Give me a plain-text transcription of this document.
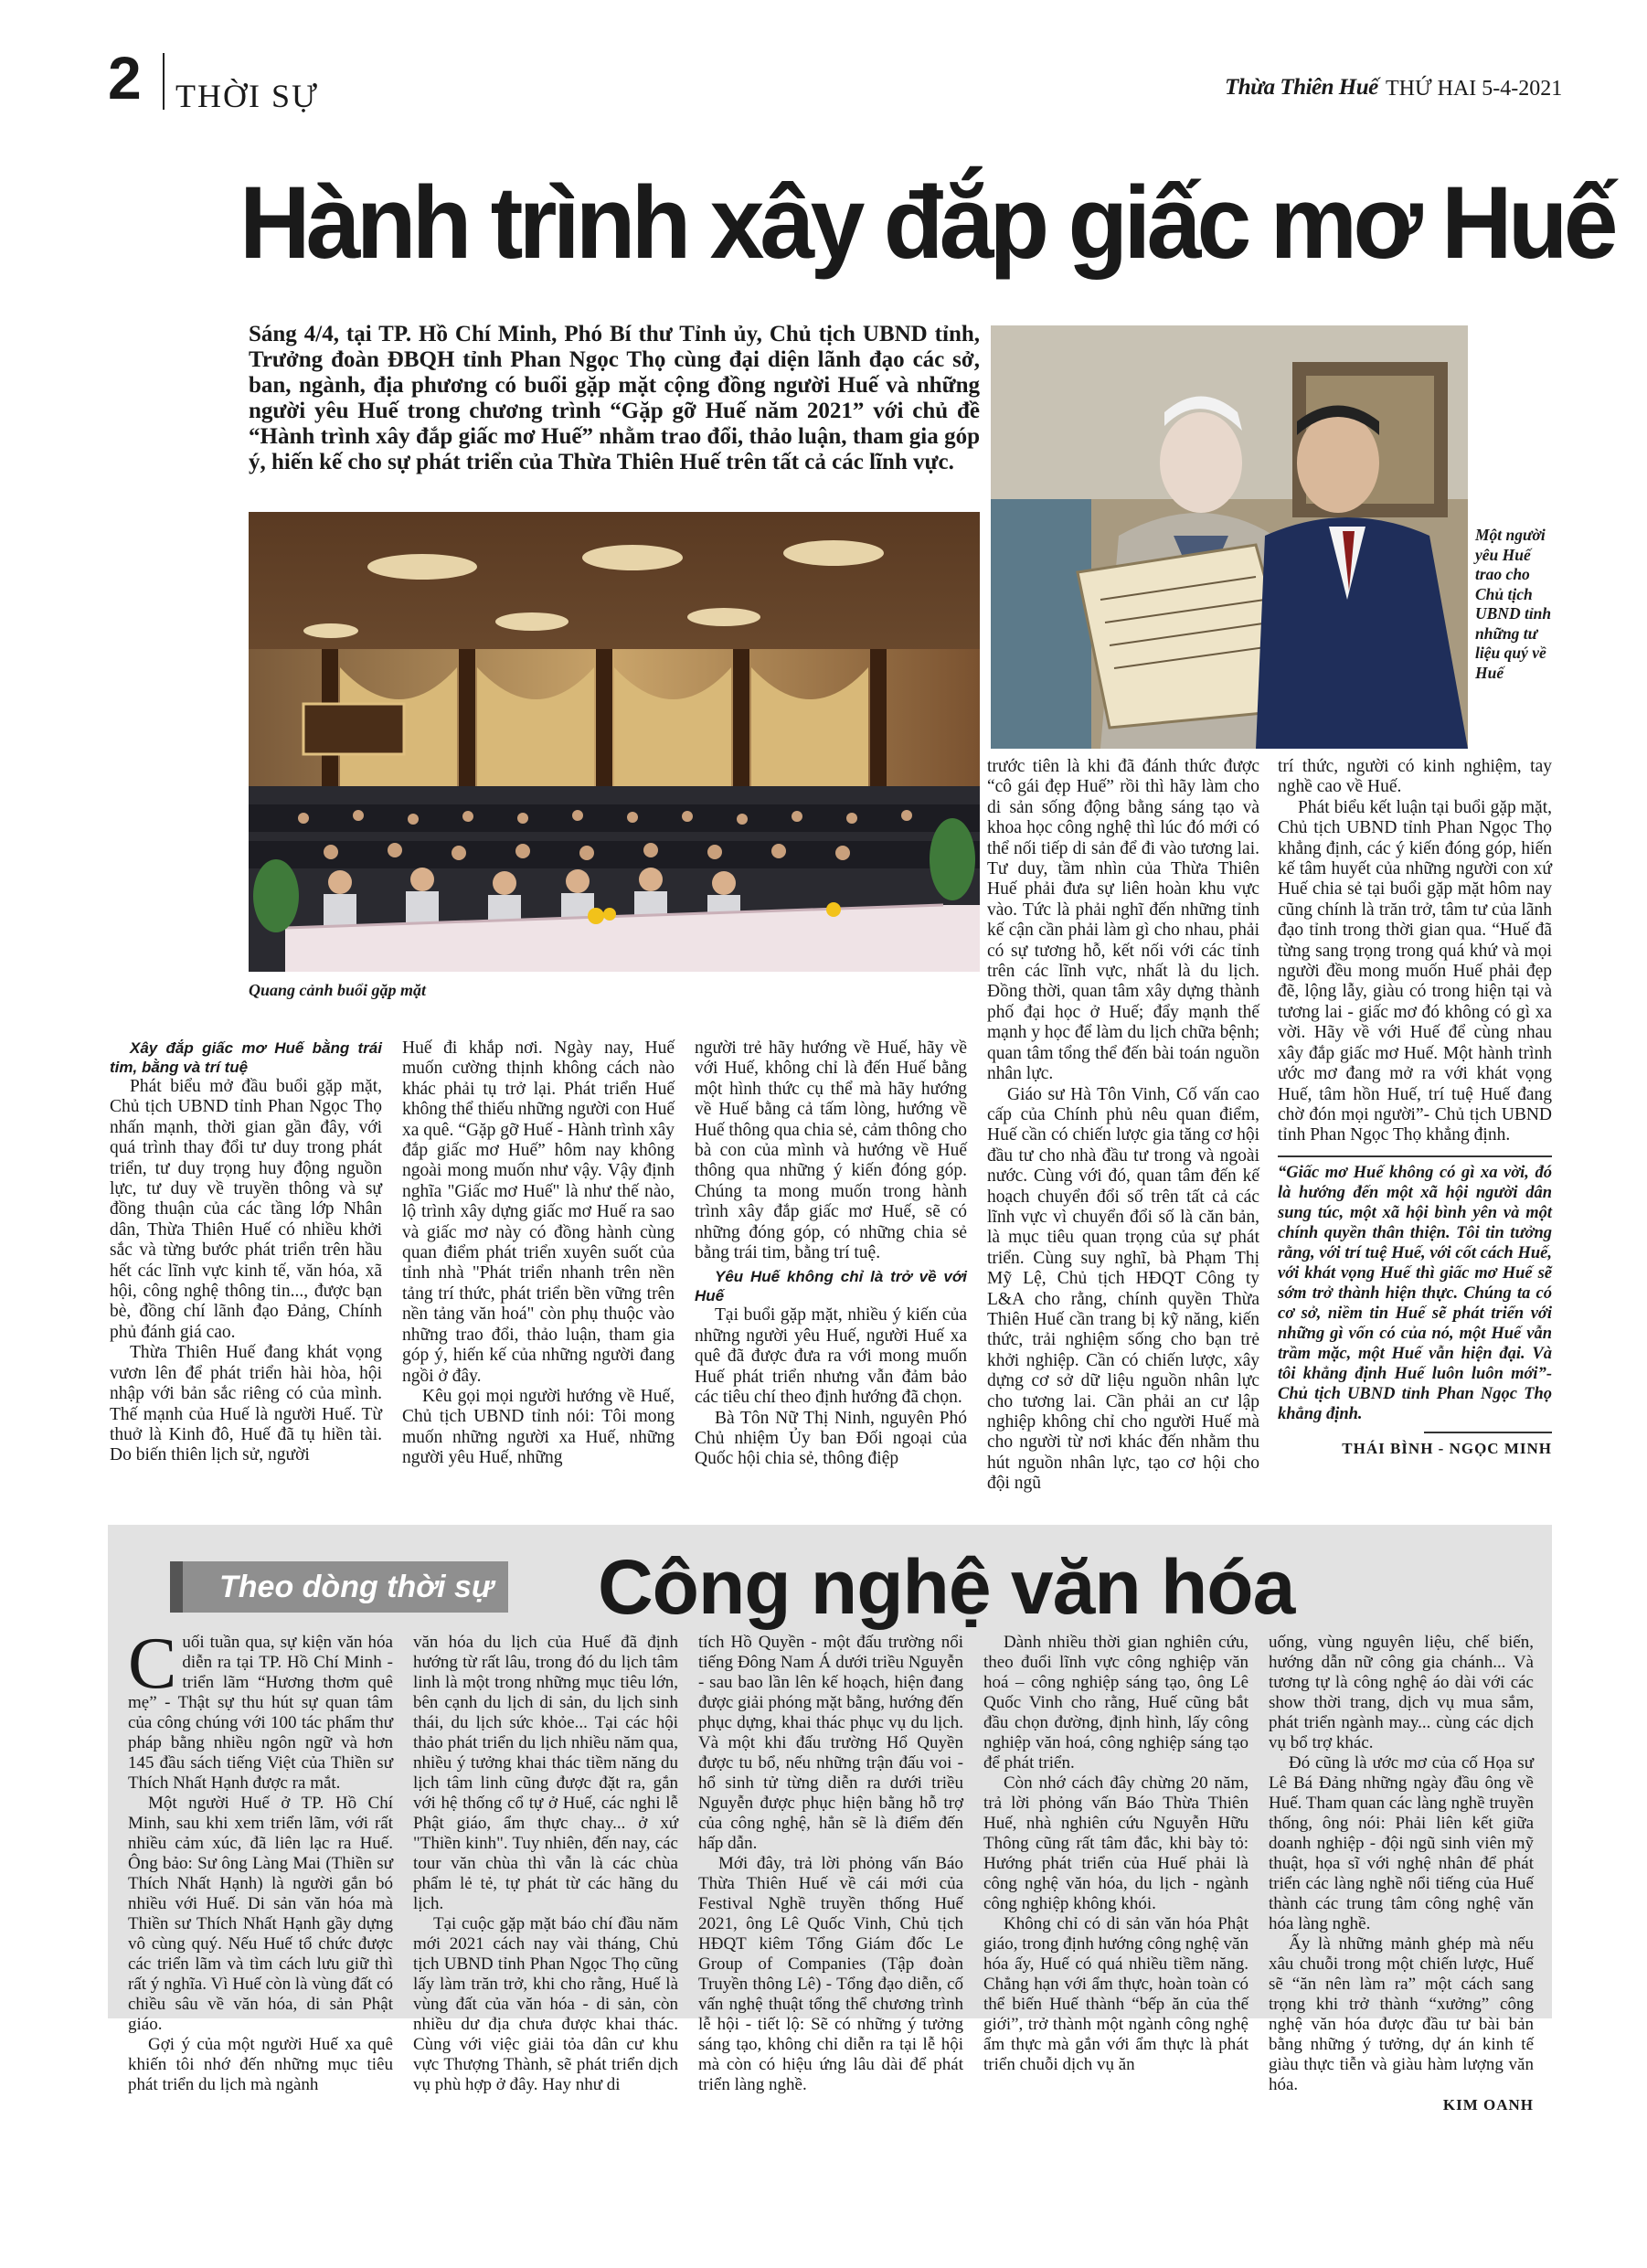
2 THỜI SỰ	Thừa Thiên Huế THỨ HAI 5-4-2021
Hành trình xây đắp giấc mơ Huế
Sáng 4/4, tại TP. Hồ Chí Minh, Phó Bí thư Tỉnh ủy, Chủ tịch UBND tỉnh, Trưởng đoàn ĐBQH tỉnh Phan Ngọc Thọ cùng đại diện lãnh đạo các sở, ban, ngành, địa phương có buổi gặp mặt cộng đồng người Huế và những người yêu Huế trong chương trình “Gặp gỡ Huế năm 2021” với chủ đề “Hành trình xây đắp giấc mơ Huế” nhằm trao đổi, thảo luận, tham gia góp ý, hiến kế cho sự phát triển của Thừa Thiên Huế trên tất cả các lĩnh vực.
Quang cảnh buổi gặp mặt
Một người yêu Huế trao cho Chủ tịch UBND tỉnh những tư liệu quý về Huế

Xây đắp giấc mơ Huế bằng trái tim, bằng và trí tuệ

Phát biểu mở đầu buổi gặp mặt, Chủ tịch UBND tỉnh Phan Ngọc Thọ nhấn mạnh, thời gian gần đây, với quá trình thay đổi tư duy trong phát triển, tư duy trọng huy động nguồn lực, tư duy về truyền thông và sự đồng thuận của các tầng lớp Nhân dân, Thừa Thiên Huế có nhiều khởi sắc và từng bước phát triển trên hầu hết các lĩnh vực kinh tế, văn hóa, xã hội, công nghệ thông tin..., được bạn bè, đồng chí lãnh đạo Đảng, Chính phủ đánh giá cao.

Thừa Thiên Huế đang khát vọng vươn lên để phát triển hài hòa, hội nhập với bản sắc riêng có của mình. Thế mạnh của Huế là người Huế. Từ thuở là Kinh đô, Huế đã tụ hiền tài. Do biến thiên lịch sử, người

Huế đi khắp nơi. Ngày nay, Huế muốn cường thịnh không cách nào khác phải tụ trở lại. Phát triển Huế không thể thiếu những người con Huế xa quê. “Gặp gỡ Huế - Hành trình xây đắp giấc mơ Huế” hôm nay không ngoài mong muốn như vậy. Vậy định nghĩa "Giấc mơ Huế" là như thế nào, lộ trình xây dựng giấc mơ Huế ra sao và giấc mơ này có đồng hành cùng quan điểm phát triển xuyên suốt của tỉnh nhà "Phát triển nhanh trên nền tảng trí thức, phát triển bền vững trên nền tảng văn hoá" còn phụ thuộc vào những trao đổi, thảo luận, tham gia góp ý, hiến kế của những người đang ngồi ở đây.

Kêu gọi mọi người hướng về Huế, Chủ tịch UBND tỉnh nói: Tôi mong muốn những người xa Huế, những người yêu Huế, những

người trẻ hãy hướng về Huế, hãy về với Huế, không chỉ là đến Huế bằng một hình thức cụ thể mà hãy hướng về Huế bằng cả tấm lòng, hướng về Huế thông qua chia sẻ, cảm thông cho bà con của mình và hướng về Huế thông qua những ý kiến đóng góp. Chúng ta mong muốn trong hành trình xây đắp giấc mơ Huế, sẽ có những đóng góp, có những chia sẻ bằng trái tim, bằng trí tuệ.

Yêu Huế không chỉ là trở về với Huế

Tại buổi gặp mặt, nhiều ý kiến của những người yêu Huế, người Huế xa quê đã được đưa ra với mong muốn Huế phát triển nhưng vẫn đảm bảo các tiêu chí theo định hướng đã chọn.

Bà Tôn Nữ Thị Ninh, nguyên Phó Chủ nhiệm Ủy ban Đối ngoại của Quốc hội chia sẻ, thông điệp

trước tiên là khi đã đánh thức được “cô gái đẹp Huế” rồi thì hãy làm cho di sản sống động bằng sáng tạo và khoa học công nghệ thì lúc đó mới có thể nối tiếp di sản để đi vào tương lai. Tư duy, tầm nhìn của Thừa Thiên Huế phải đưa sự liên hoàn khu vực vào. Tức là phải nghĩ đến những tỉnh kế cận cần phải làm gì cho nhau, phải có sự tương hỗ, kết nối với các tỉnh trên các lĩnh vực, nhất là du lịch. Đồng thời, quan tâm xây dựng thành phố đại học ở Huế; đẩy mạnh thế mạnh y học để làm du lịch chữa bệnh; quan tâm tổng thể đến bài toán nguồn nhân lực.

Giáo sư Hà Tôn Vinh, Cố vấn cao cấp của Chính phủ nêu quan điểm, Huế cần có chiến lược gia tăng cơ hội đầu tư cho nhà đầu tư trong và ngoài nước. Cùng với đó, quan tâm đến kế hoạch chuyển đổi số trên tất cả các lĩnh vực vì chuyển đổi số là căn bản, là mục tiêu quan trọng của sự phát triển. Cùng suy nghĩ, bà Phạm Thị Mỹ Lệ, Chủ tịch HĐQT Công ty L&A cho rằng, chính quyền Thừa Thiên Huế cần trang bị kỹ năng, kiến thức, trải nghiệm sống cho bạn trẻ khởi nghiệp. Cần có chiến lược, xây dựng cơ sở dữ liệu nguồn nhân lực cho tương lai. Cần phải an cư lập nghiệp không chỉ cho người Huế mà cho người từ nơi khác đến nhằm thu hút nguồn nhân lực, tạo cơ hội cho đội ngũ

trí thức, người có kinh nghiệm, tay nghề cao về Huế.

Phát biểu kết luận tại buổi gặp mặt, Chủ tịch UBND tỉnh Phan Ngọc Thọ khẳng định, các ý kiến đóng góp, hiến kế tâm huyết của những người con xứ Huế chia sẻ tại buổi gặp mặt hôm nay cũng chính là trăn trở, tâm tư của lãnh đạo tỉnh trong thời gian qua. “Huế đã từng sang trọng trong quá khứ và mọi người đều mong muốn Huế phải đẹp đẽ, lộng lẫy, giàu có trong hiện tại và tương lai - giấc mơ đó không có gì xa vời. Hãy về với Huế để cùng nhau xây đắp giấc mơ Huế. Một hành trình ước mơ đang mở ra với khát vọng Huế, tâm hồn Huế, trí tuệ Huế đang chờ đón mọi người”- Chủ tịch UBND tỉnh Phan Ngọc Thọ khẳng định.

“Giấc mơ Huế không có gì xa vời, đó là hướng đến một xã hội người dân sung túc, một xã hội bình yên và một chính quyền thân thiện. Tôi tin tưởng rằng, với trí tuệ Huế, với cốt cách Huế, với khát vọng Huế thì giấc mơ Huế sẽ sớm trở thành hiện thực. Chúng ta có cơ sở, niềm tin Huế sẽ phát triển với những gì vốn có của nó, một Huế vẫn trầm mặc, một Huế vẫn hiện đại. Và tôi khẳng định Huế luôn luôn mới”- Chủ tịch UBND tỉnh Phan Ngọc Thọ khẳng định.
THÁI BÌNH - NGỌC MINH
Theo dòng thời sự Công nghệ văn hóa

Cuối tuần qua, sự kiện văn hóa diễn ra tại TP. Hồ Chí Minh - triển lãm “Hương thơm quê mẹ” - Thật sự thu hút sự quan tâm của công chúng với 100 tác phẩm thư pháp bằng nhiều ngôn ngữ và hơn 145 đầu sách tiếng Việt của Thiền sư Thích Nhất Hạnh được ra mắt.

Một người Huế ở TP. Hồ Chí Minh, sau khi xem triển lãm, với rất nhiều cảm xúc, đã liên lạc ra Huế. Ông bảo: Sư ông Làng Mai (Thiền sư Thích Nhất Hạnh) là người gắn bó nhiều với Huế. Di sản văn hóa mà Thiền sư Thích Nhất Hạnh gầy dựng vô cùng quý. Nếu Huế tổ chức được các triển lãm và tìm cách lưu giữ thì rất ý nghĩa. Vì Huế còn là vùng đất có chiều sâu về văn hóa, di sản Phật giáo.

Gợi ý của một người Huế xa quê khiến tôi nhớ đến những mục tiêu phát triển du lịch mà ngành

văn hóa du lịch của Huế đã định hướng từ rất lâu, trong đó du lịch tâm linh là một trong những mục tiêu lớn, bên cạnh du lịch di sản, du lịch sinh thái, du lịch sức khỏe... Tại các hội thảo phát triển du lịch nhiều năm qua, nhiều ý tưởng khai thác tiềm năng du lịch tâm linh cũng được đặt ra, gắn với hệ thống cổ tự ở Huế, các nghi lễ Phật giáo, ẩm thực chay... ở xứ "Thiền kinh". Tuy nhiên, đến nay, các tour văn chùa thì vẫn là các chùa phẩm lẻ tẻ, tự phát từ các hãng du lịch.

Tại cuộc gặp mặt báo chí đầu năm mới 2021 cách nay vài tháng, Chủ tịch UBND tỉnh Phan Ngọc Thọ cũng lấy làm trăn trở, khi cho rằng, Huế là vùng đất của văn hóa - di sản, còn nhiều dư địa chưa được khai thác. Cùng với việc giải tỏa dân cư khu vực Thượng Thành, sẽ phát triển dịch vụ phù hợp ở đây. Hay như di

tích Hồ Quyền - một đấu trường nổi tiếng Đông Nam Á dưới triều Nguyễn - sau bao lần lên kế hoạch, hiện đang được giải phóng mặt bằng, hướng đến phục dựng, khai thác phục vụ du lịch. Và một khi đấu trường Hổ Quyền được tu bổ, nếu những trận đấu voi - hổ sinh tử từng diễn ra dưới triều Nguyễn được phục hiện bằng hỗ trợ của công nghệ, hẳn sẽ là điểm đến hấp dẫn.

Mới đây, trả lời phỏng vấn Báo Thừa Thiên Huế về cái mới của Festival Nghề truyền thống Huế 2021, ông Lê Quốc Vinh, Chủ tịch HĐQT kiêm Tổng Giám đốc Le Group of Companies (Tập đoàn Truyền thông Lê) - Tổng đạo diễn, cố vấn nghệ thuật tổng thể chương trình lễ hội - tiết lộ: Sẽ có những ý tưởng sáng tạo, không chỉ diễn ra tại lễ hội mà còn có hiệu ứng lâu dài để phát triển làng nghề.

Dành nhiều thời gian nghiên cứu, theo đuổi lĩnh vực công nghiệp văn hoá – công nghiệp sáng tạo, ông Lê Quốc Vinh cho rằng, Huế cũng bắt đầu chọn đường, định hình, lấy công nghiệp văn hoá, công nghiệp sáng tạo để phát triển.

Còn nhớ cách đây chừng 20 năm, trả lời phỏng vấn Báo Thừa Thiên Huế, nhà nghiên cứu Nguyễn Hữu Thông cũng rất tâm đắc, khi bày tỏ: Hướng phát triển của Huế phải là công nghệ văn hóa, du lịch - ngành công nghiệp không khói.

Không chỉ có di sản văn hóa Phật giáo, trong định hướng công nghệ văn hóa ấy, Huế có quá nhiều tiềm năng. Chẳng hạn với ẩm thực, hoàn toàn có thể biến Huế thành “bếp ăn của thế giới”, trở thành một ngành công nghệ ẩm thực mà gắn với ẩm thực là phát triển chuỗi dịch vụ ăn

uống, vùng nguyên liệu, chế biến, hướng dẫn nữ công gia chánh... Và tương tự là công nghệ áo dài với các show thời trang, dịch vụ mua sắm, phát triển ngành may... cùng các dịch vụ bổ trợ khác.

Đó cũng là ước mơ của cố Họa sư Lê Bá Đảng những ngày đầu ông về Huế. Tham quan các làng nghề truyền thống, ông nói: Phải liên kết giữa doanh nghiệp - đội ngũ sinh viên mỹ thuật, họa sĩ với nghệ nhân để phát triển các làng nghề nổi tiếng của Huế thành các trung tâm công nghệ văn hóa làng nghề.

Ấy là những mảnh ghép mà nếu xâu chuỗi trong một chiến lược, Huế sẽ “ăn nên làm ra” một cách sang trọng khi trở thành “xưởng” công nghệ văn hóa được đầu tư bài bản bằng những ý tưởng, dự án kinh tế giàu thực tiễn và giàu hàm lượng văn hóa.

KIM OANH
